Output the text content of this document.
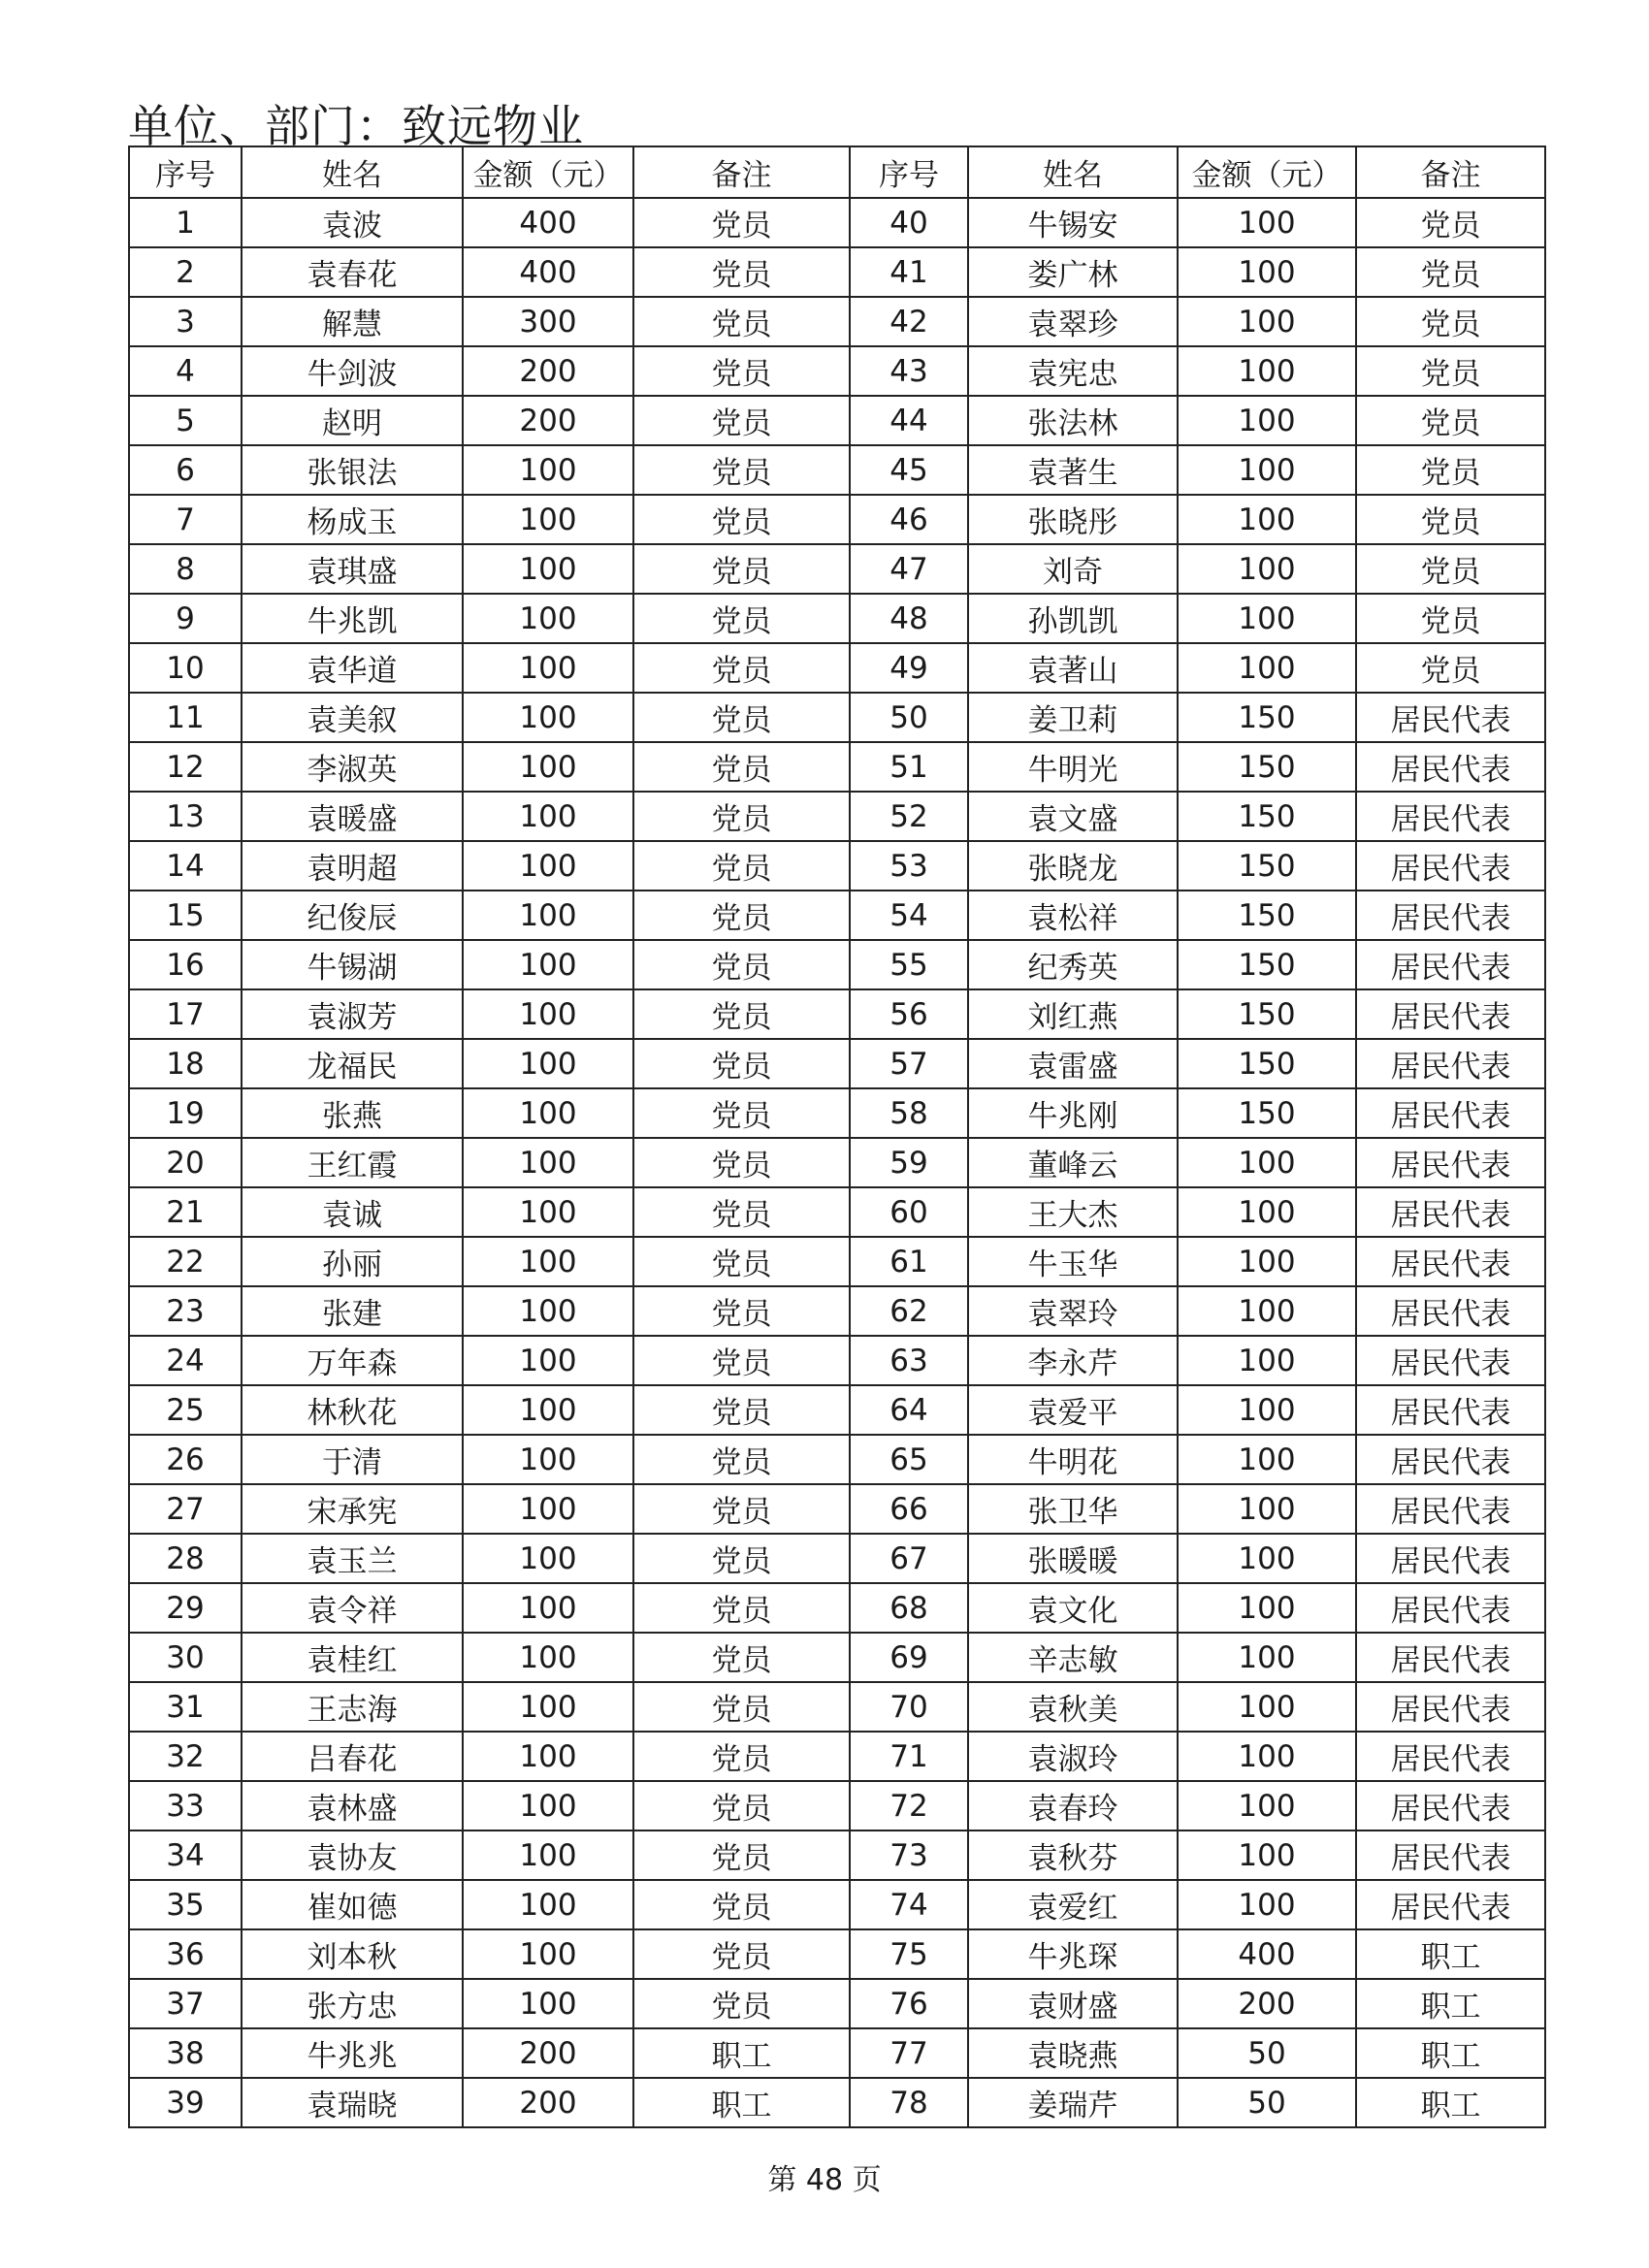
单位、部门：致远物业
序号	姓名	金额（元）	备注	序号	姓名	金额（元）	备注
1	袁波	400	党员	40	牛锡安	100	党员
2	袁春花	400	党员	41	娄广林	100	党员
3	解慧	300	党员	42	袁翠珍	100	党员
4	牛剑波	200	党员	43	袁宪忠	100	党员
5	赵明	200	党员	44	张法林	100	党员
6	张银法	100	党员	45	袁著生	100	党员
7	杨成玉	100	党员	46	张晓彤	100	党员
8	袁琪盛	100	党员	47	刘奇	100	党员
9	牛兆凯	100	党员	48	孙凯凯	100	党员
10	袁华道	100	党员	49	袁著山	100	党员
11	袁美叙	100	党员	50	姜卫莉	150	居民代表
12	李淑英	100	党员	51	牛明光	150	居民代表
13	袁暖盛	100	党员	52	袁文盛	150	居民代表
14	袁明超	100	党员	53	张晓龙	150	居民代表
15	纪俊辰	100	党员	54	袁松祥	150	居民代表
16	牛锡湖	100	党员	55	纪秀英	150	居民代表
17	袁淑芳	100	党员	56	刘红燕	150	居民代表
18	龙福民	100	党员	57	袁雷盛	150	居民代表
19	张燕	100	党员	58	牛兆刚	150	居民代表
20	王红霞	100	党员	59	董峰云	100	居民代表
21	袁诚	100	党员	60	王大杰	100	居民代表
22	孙丽	100	党员	61	牛玉华	100	居民代表
23	张建	100	党员	62	袁翠玲	100	居民代表
24	万年森	100	党员	63	李永芹	100	居民代表
25	林秋花	100	党员	64	袁爱平	100	居民代表
26	于清	100	党员	65	牛明花	100	居民代表
27	宋承宪	100	党员	66	张卫华	100	居民代表
28	袁玉兰	100	党员	67	张暖暖	100	居民代表
29	袁令祥	100	党员	68	袁文化	100	居民代表
30	袁桂红	100	党员	69	辛志敏	100	居民代表
31	王志海	100	党员	70	袁秋美	100	居民代表
32	吕春花	100	党员	71	袁淑玲	100	居民代表
33	袁林盛	100	党员	72	袁春玲	100	居民代表
34	袁协友	100	党员	73	袁秋芬	100	居民代表
35	崔如德	100	党员	74	袁爱红	100	居民代表
36	刘本秋	100	党员	75	牛兆琛	400	职工
37	张方忠	100	党员	76	袁财盛	200	职工
38	牛兆兆	200	职工	77	袁晓燕	50	职工
39	袁瑞晓	200	职工	78	姜瑞芹	50	职工
第 48 页
